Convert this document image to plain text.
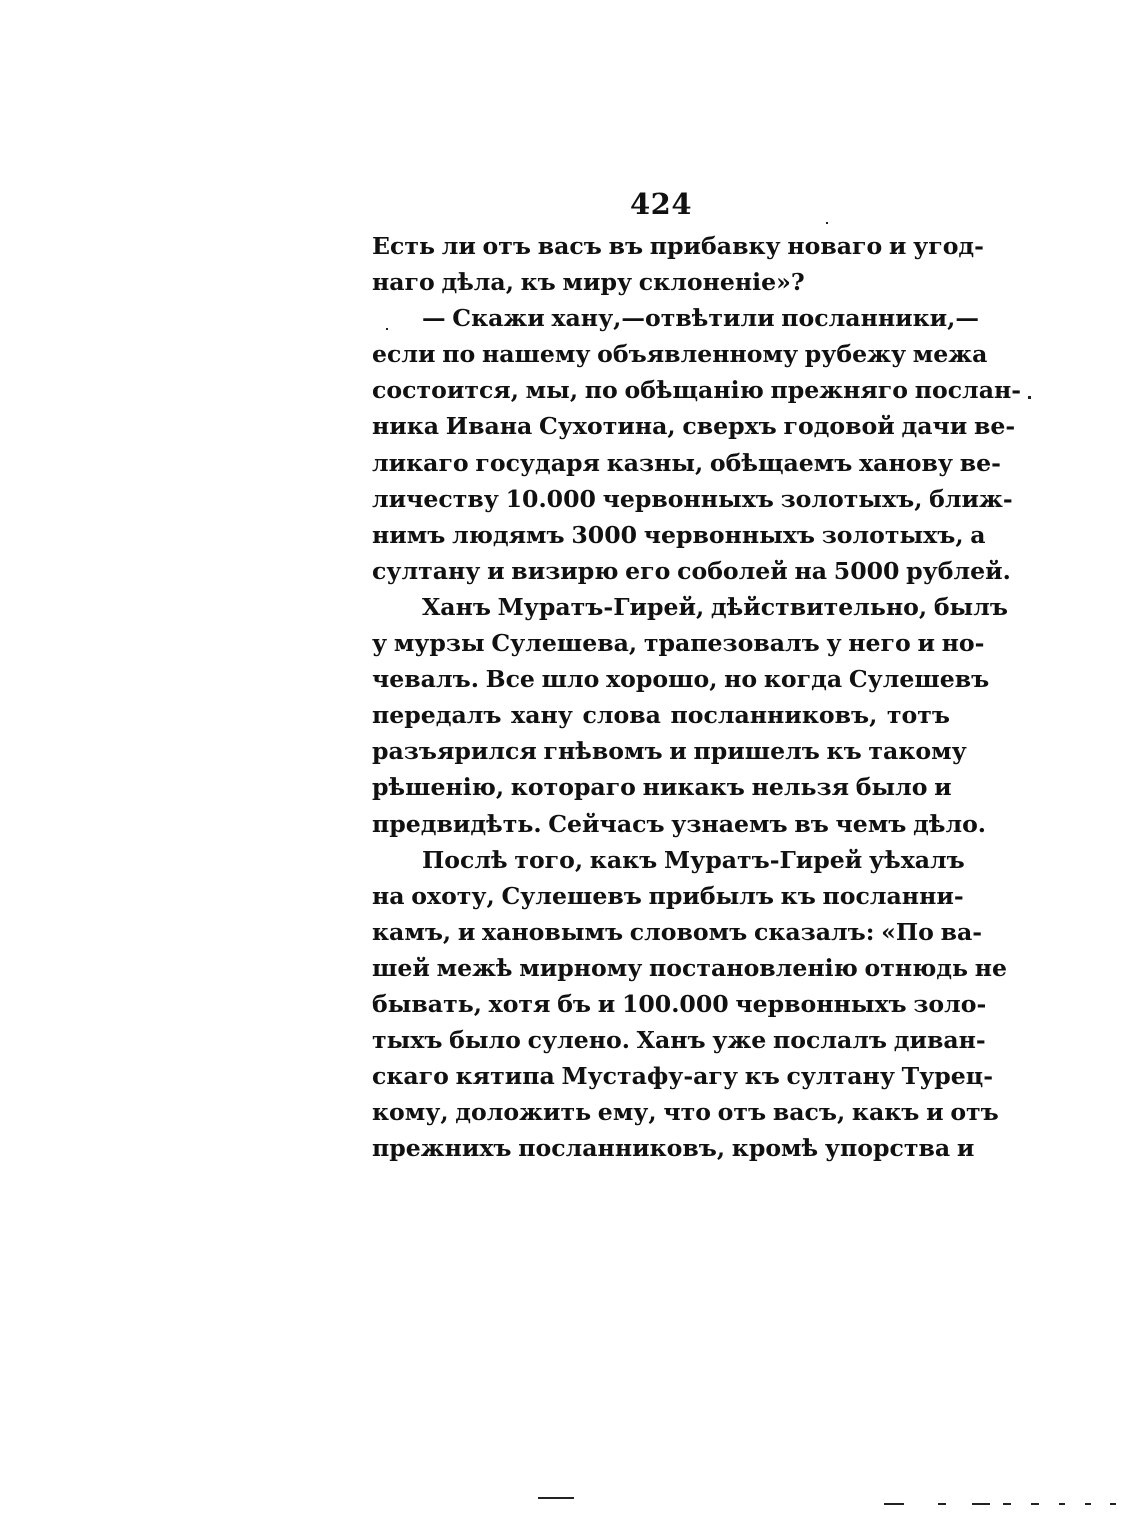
424
Есть ли отъ васъ въ прибавку новаго и угод-
наго дѣла, къ миру склоненіе»?
— Скажи хану,—отвѣтили посланники,—
если по нашему объявленному рубежу межа
состоится, мы, по обѣщанію прежняго послан-
ника Ивана Сухотина, сверхъ годовой дачи ве-
ликаго государя казны, обѣщаемъ ханову ве-
личеству 10.000 червонныхъ золотыхъ, ближ-
нимъ людямъ 3000 червонныхъ золотыхъ, а
султану и визирю его соболей на 5000 рублей.
Ханъ Муратъ-Гирей, дѣйствительно, былъ
у мурзы Сулешева, трапезовалъ у него и но-
чевалъ. Все шло хорошо, но когда Сулешевъ
передалъ хану слова посланниковъ, тотъ
разъярился гнѣвомъ и пришелъ къ такому
рѣшенію, котораго никакъ нельзя было и
предвидѣть. Сейчасъ узнаемъ въ чемъ дѣло.
Послѣ того, какъ Муратъ-Гирей уѣхалъ
на охоту, Сулешевъ прибылъ къ посланни-
камъ, и хановымъ словомъ сказалъ: «По ва-
шей межѣ мирному постановленію отнюдь не
бывать, хотя бъ и 100.000 червонныхъ золо-
тыхъ было сулено. Ханъ уже послалъ диван-
скаго кятипа Мустафу-агу къ султану Турец-
кому, доложить ему, что отъ васъ, какъ и отъ
прежнихъ посланниковъ, кромѣ упорства и
